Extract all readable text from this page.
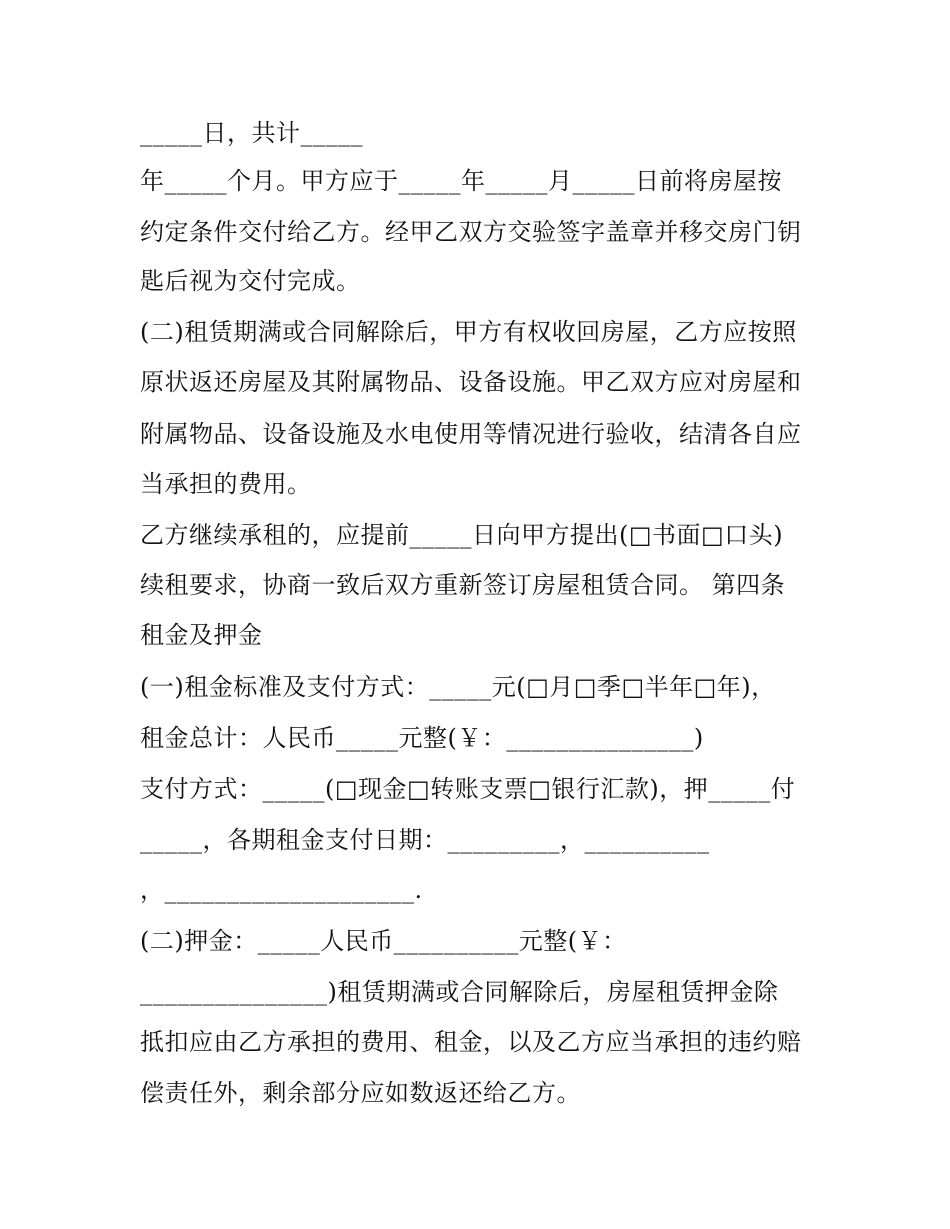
_____日，共计_____
年_____个月。甲方应于_____年_____月_____日前将房屋按
约定条件交付给乙方。经甲乙双方交验签字盖章并移交房门钥
匙后视为交付完成。
(二)租赁期满或合同解除后，甲方有权收回房屋，乙方应按照
原状返还房屋及其附属物品、设备设施。甲乙双方应对房屋和
附属物品、设备设施及水电使用等情况进行验收，结清各自应
当承担的费用。
乙方继续承租的，应提前_____日向甲方提出(□书面□口头)
续租要求，协商一致后双方重新签订房屋租赁合同。 第四条
租金及押金
(一)租金标准及支付方式：_____元(□月□季□半年□年)，
租金总计：人民币_____元整(￥：_______________)
支付方式：_____(□现金□转账支票□银行汇款)，押_____付
_____，各期租金支付日期：_________，__________
，____________________.
(二)押金：_____人民币__________元整(￥：
_______________)租赁期满或合同解除后，房屋租赁押金除
抵扣应由乙方承担的费用、租金，以及乙方应当承担的违约赔
偿责任外，剩余部分应如数返还给乙方。
